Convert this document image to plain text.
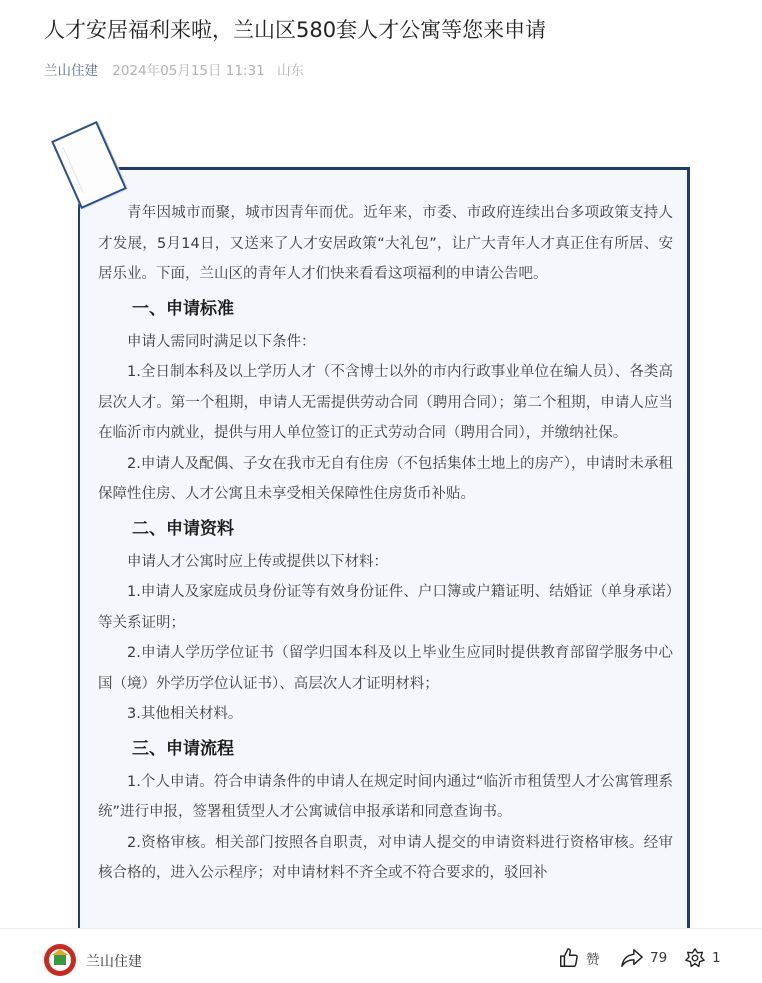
人才安居福利来啦，兰山区580套人才公寓等您来申请
兰山住建 2024年05月15日 11:31 山东

青年因城市而聚，城市因青年而优。近年来，市委、市政府连续出台多项政策支持人才发展，5月14日，又送来了人才安居政策“大礼包”，让广大青年人才真正住有所居、安居乐业。下面，兰山区的青年人才们快来看看这项福利的申请公告吧。

一、申请标准

申请人需同时满足以下条件：

1.全日制本科及以上学历人才（不含博士以外的市内行政事业单位在编人员）、各类高层次人才。第一个租期，申请人无需提供劳动合同（聘用合同）；第二个租期，申请人应当在临沂市内就业，提供与用人单位签订的正式劳动合同（聘用合同），并缴纳社保。

2.申请人及配偶、子女在我市无自有住房（不包括集体土地上的房产），申请时未承租保障性住房、人才公寓且未享受相关保障性住房货币补贴。

二、申请资料

申请人才公寓时应上传或提供以下材料：

1.申请人及家庭成员身份证等有效身份证件、户口簿或户籍证明、结婚证（单身承诺）等关系证明；

2.申请人学历学位证书（留学归国本科及以上毕业生应同时提供教育部留学服务中心国（境）外学历学位认证书）、高层次人才证明材料；

3.其他相关材料。

三、申请流程

1.个人申请。符合申请条件的申请人在规定时间内通过“临沂市租赁型人才公寓管理系统”进行申报，签署租赁型人才公寓诚信申报承诺和同意查询书。

2.资格审核。相关部门按照各自职责，对申请人提交的申请资料进行资格审核。经审核合格的，进入公示程序；对申请材料不齐全或不符合要求的，驳回补

兰山住建	赞	79	1
